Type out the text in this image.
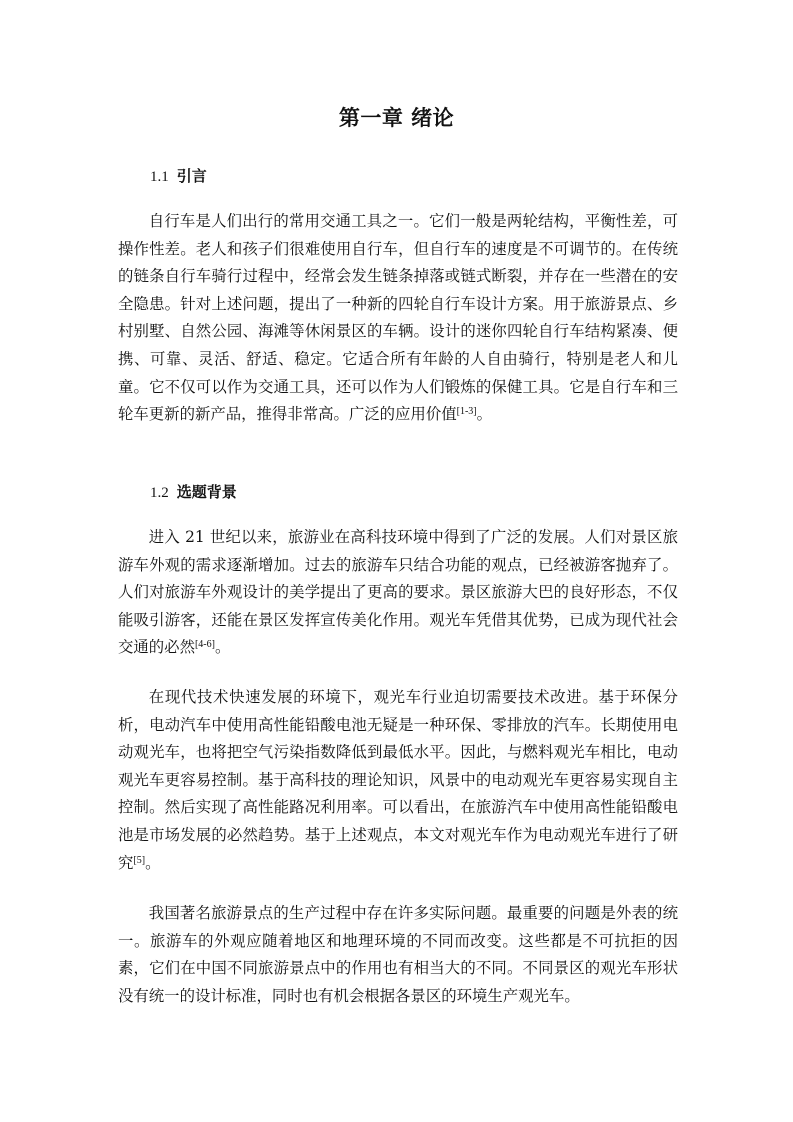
第一章 绪论
1.1 引言

自行车是人们出行的常用交通工具之一。它们一般是两轮结构，平衡性差，可操作性差。老人和孩子们很难使用自行车，但自行车的速度是不可调节的。在传统的链条自行车骑行过程中，经常会发生链条掉落或链式断裂，并存在一些潜在的安全隐患。针对上述问题，提出了一种新的四轮自行车设计方案。用于旅游景点、乡村别墅、自然公园、海滩等休闲景区的车辆。设计的迷你四轮自行车结构紧凑、便携、可靠、灵活、舒适、稳定。它适合所有年龄的人自由骑行，特别是老人和儿童。它不仅可以作为交通工具，还可以作为人们锻炼的保健工具。它是自行车和三轮车更新的新产品，推得非常高。广泛的应用价值[1-3]。

1.2 选题背景

进入 21 世纪以来，旅游业在高科技环境中得到了广泛的发展。人们对景区旅游车外观的需求逐渐增加。过去的旅游车只结合功能的观点，已经被游客抛弃了。人们对旅游车外观设计的美学提出了更高的要求。景区旅游大巴的良好形态，不仅能吸引游客，还能在景区发挥宣传美化作用。观光车凭借其优势，已成为现代社会交通的必然[4-6]。

在现代技术快速发展的环境下，观光车行业迫切需要技术改进。基于环保分析，电动汽车中使用高性能铅酸电池无疑是一种环保、零排放的汽车。长期使用电动观光车，也将把空气污染指数降低到最低水平。因此，与燃料观光车相比，电动观光车更容易控制。基于高科技的理论知识，风景中的电动观光车更容易实现自主控制。然后实现了高性能路况利用率。可以看出，在旅游汽车中使用高性能铅酸电池是市场发展的必然趋势。基于上述观点，本文对观光车作为电动观光车进行了研究[5]。

我国著名旅游景点的生产过程中存在许多实际问题。最重要的问题是外表的统一。旅游车的外观应随着地区和地理环境的不同而改变。这些都是不可抗拒的因素，它们在中国不同旅游景点中的作用也有相当大的不同。不同景区的观光车形状没有统一的设计标准，同时也有机会根据各景区的环境生产观光车。
